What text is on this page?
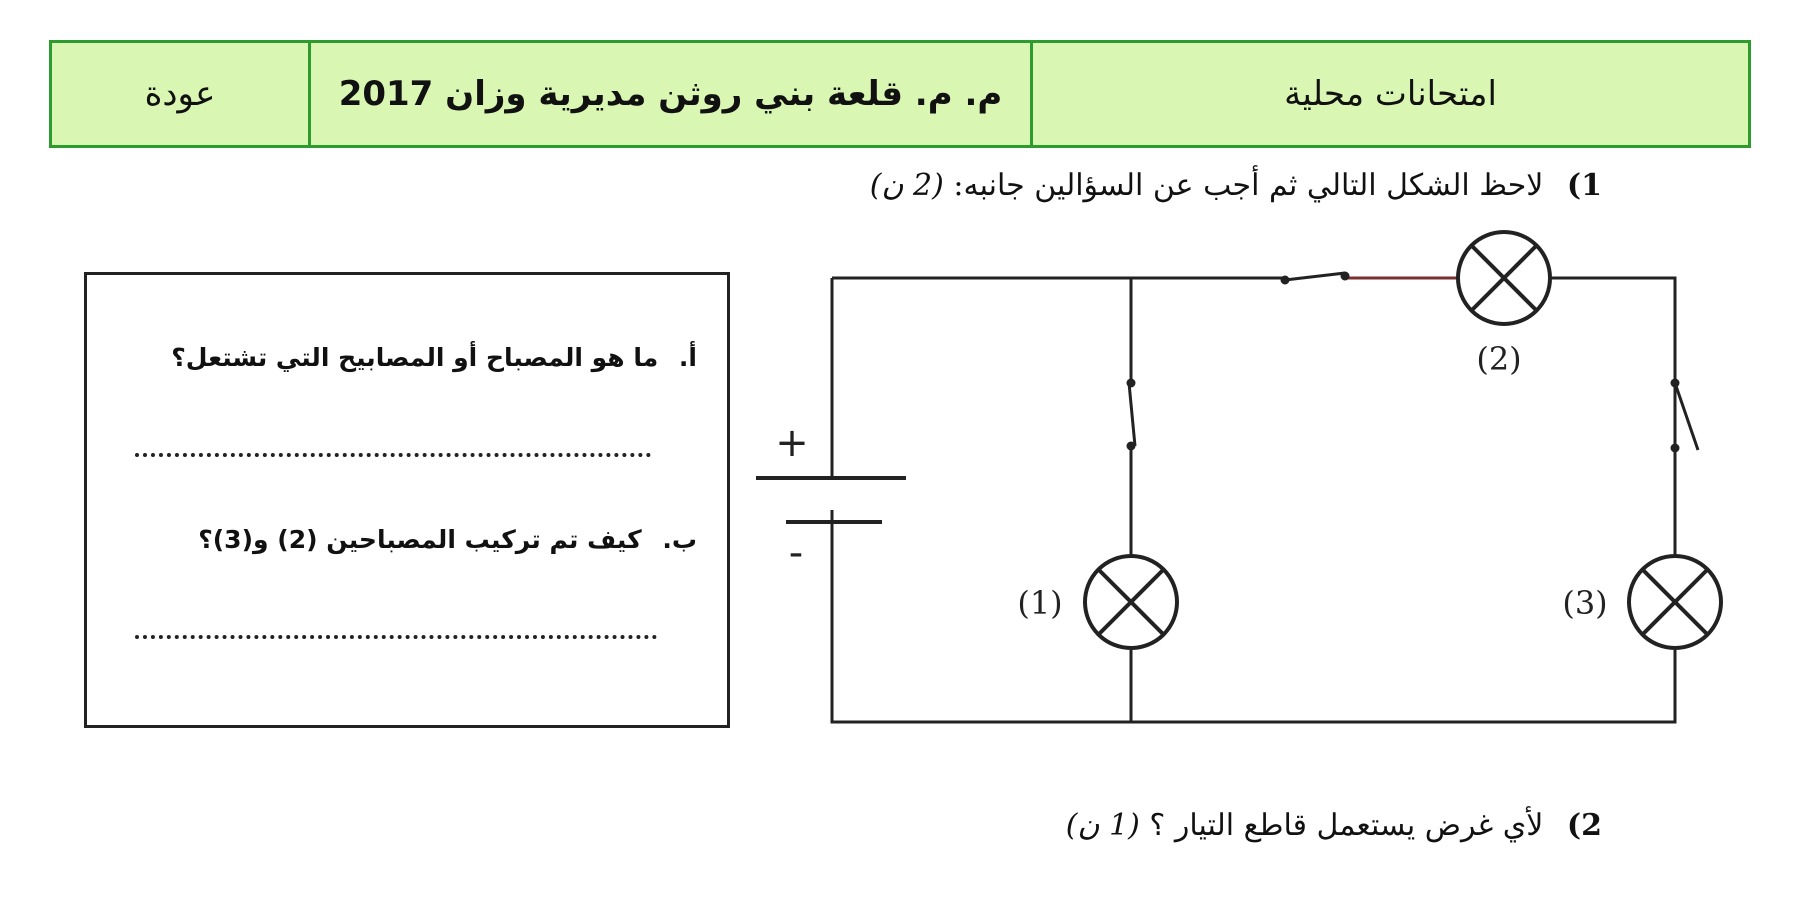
عودة	م. م. قلعة بني روثن مديرية وزان 2017	امتحانات محلية
1) لاحظ الشكل التالي ثم أجب عن السؤالين جانبه: (2 ن)
أ. ما هو المصباح أو المصابيح التي تشتعل؟
ب. كيف تم تركيب المصباحين (2) و(3)؟
+
-
(1)
(2)
(3)
2) لأي غرض يستعمل قاطع التيار ؟ (1 ن)
